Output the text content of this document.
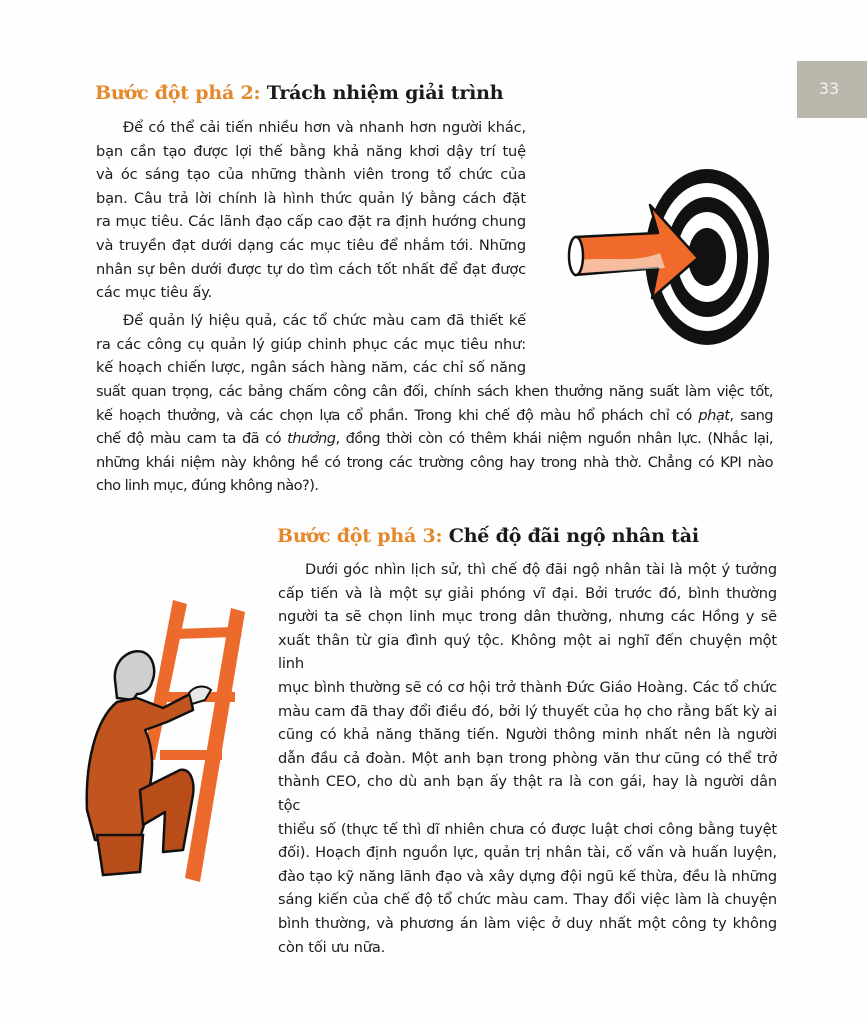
33
Bước đột phá 2: Trách nhiệm giải trình

Để có thể cải tiến nhiều hơn và nhanh hơn người khác,
bạn cần tạo được lợi thế bằng khả năng khơi dậy trí tuệ
và óc sáng tạo của những thành viên trong tổ chức của
bạn. Câu trả lời chính là hình thức quản lý bằng cách đặt
ra mục tiêu. Các lãnh đạo cấp cao đặt ra định hướng chung
và truyền đạt dưới dạng các mục tiêu để nhắm tới. Những
nhân sự bên dưới được tự do tìm cách tốt nhất để đạt được
các mục tiêu ấy.

Để quản lý hiệu quả, các tổ chức màu cam đã thiết kế
ra các công cụ quản lý giúp chinh phục các mục tiêu như:
kế hoạch chiến lược, ngân sách hàng năm, các chỉ số năng

suất quan trọng, các bảng chấm công cân đối, chính sách khen thưởng năng suất làm việc tốt,
kế hoạch thưởng, và các chọn lựa cổ phần. Trong khi chế độ màu hổ phách chỉ có phạt, sang
chế độ màu cam ta đã có thưởng, đồng thời còn có thêm khái niệm nguồn nhân lực. (Nhắc lại,
những khái niệm này không hề có trong các trường công hay trong nhà thờ. Chẳng có KPI nào
cho linh mục, đúng không nào?).

Bước đột phá 3: Chế độ đãi ngộ nhân tài

Dưới góc nhìn lịch sử, thì chế độ đãi ngộ nhân tài là một ý tưởng
cấp tiến và là một sự giải phóng vĩ đại. Bởi trước đó, bình thường
người ta sẽ chọn linh mục trong dân thường, nhưng các Hồng y sẽ
xuất thân từ gia đình quý tộc. Không một ai nghĩ đến chuyện một linh
mục bình thường sẽ có cơ hội trở thành Đức Giáo Hoàng. Các tổ chức
màu cam đã thay đổi điều đó, bởi lý thuyết của họ cho rằng bất kỳ ai
cũng có khả năng thăng tiến. Người thông minh nhất nên là người
dẫn đầu cả đoàn. Một anh bạn trong phòng văn thư cũng có thể trở
thành CEO, cho dù anh bạn ấy thật ra là con gái, hay là người dân tộc
thiểu số (thực tế thì dĩ nhiên chưa có được luật chơi công bằng tuyệt
đối). Hoạch định nguồn lực, quản trị nhân tài, cố vấn và huấn luyện,
đào tạo kỹ năng lãnh đạo và xây dựng đội ngũ kế thừa, đều là những
sáng kiến của chế độ tổ chức màu cam. Thay đổi việc làm là chuyện
bình thường, và phương án làm việc ở duy nhất một công ty không
còn tối ưu nữa.
